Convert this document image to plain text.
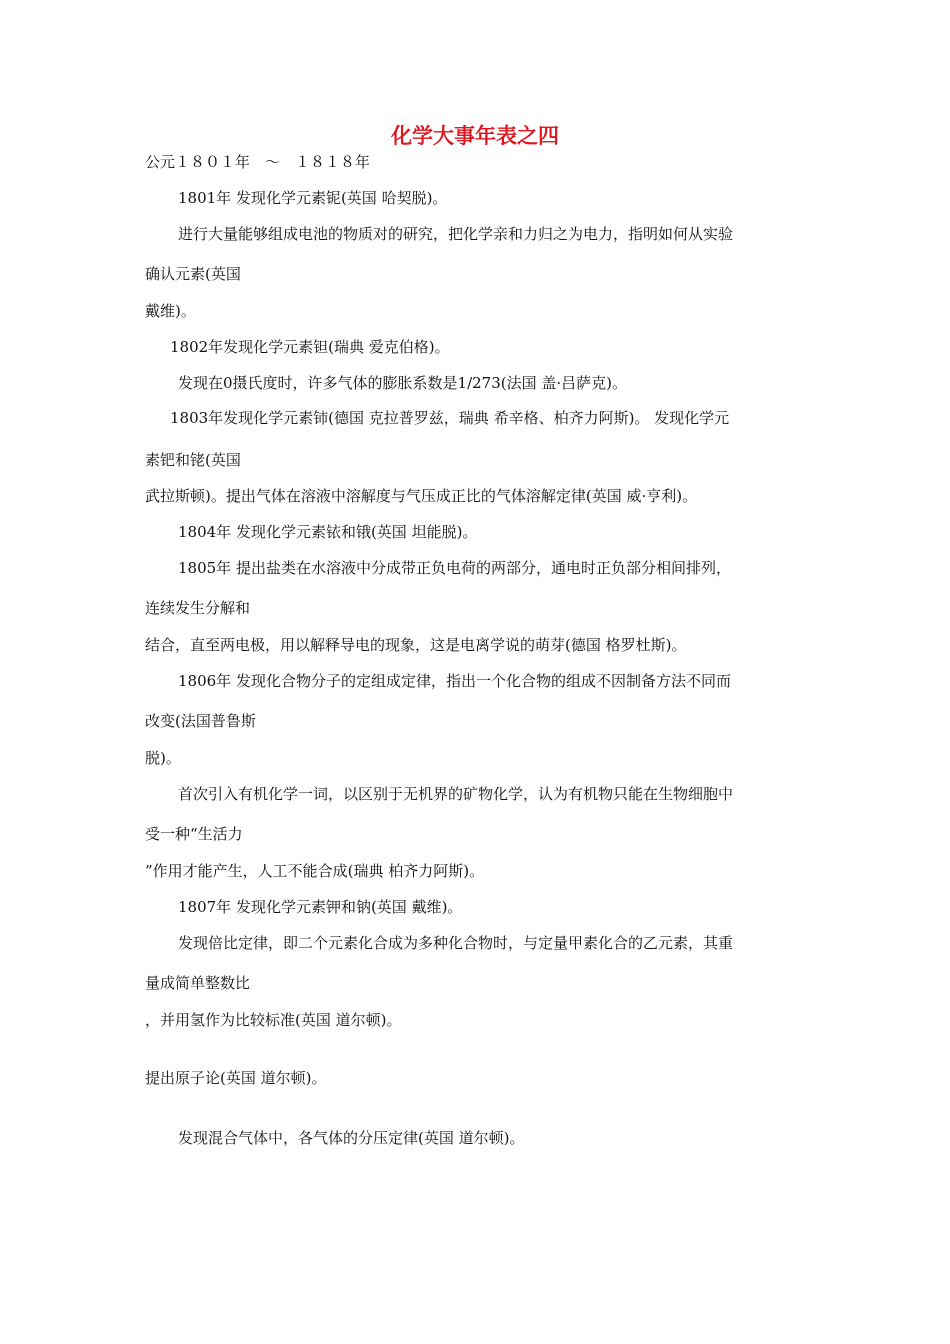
化学大事年表之四
公元１８０１年　～　１８１８年
1801年 发现化学元素铌(英国 哈契脱)。
进行大量能够组成电池的物质对的研究，把化学亲和力归之为电力，指明如何从实验
确认元素(英国
戴维)。
1802年发现化学元素钽(瑞典 爱克伯格)。
发现在0摄氏度时，许多气体的膨胀系数是1/273(法国 盖·吕萨克)。
1803年发现化学元素铈(德国 克拉普罗兹，瑞典 希辛格、柏齐力阿斯)。 发现化学元
素钯和铑(英国
武拉斯顿)。提出气体在溶液中溶解度与气压成正比的气体溶解定律(英国 威·亨利)。
1804年 发现化学元素铱和锇(英国 坦能脱)。
1805年 提出盐类在水溶液中分成带正负电荷的两部分，通电时正负部分相间排列，
连续发生分解和
结合，直至两电极，用以解释导电的现象，这是电离学说的萌芽(德国 格罗杜斯)。
1806年 发现化合物分子的定组成定律，指出一个化合物的组成不因制备方法不同而
改变(法国普鲁斯
脱)。
首次引入有机化学一词，以区别于无机界的矿物化学，认为有机物只能在生物细胞中
受一种“生活力
”作用才能产生，人工不能合成(瑞典 柏齐力阿斯)。
1807年 发现化学元素钾和钠(英国 戴维)。
发现倍比定律，即二个元素化合成为多种化合物时，与定量甲素化合的乙元素，其重
量成简单整数比
，并用氢作为比较标准(英国 道尔顿)。
提出原子论(英国 道尔顿)。
发现混合气体中，各气体的分压定律(英国 道尔顿)。
